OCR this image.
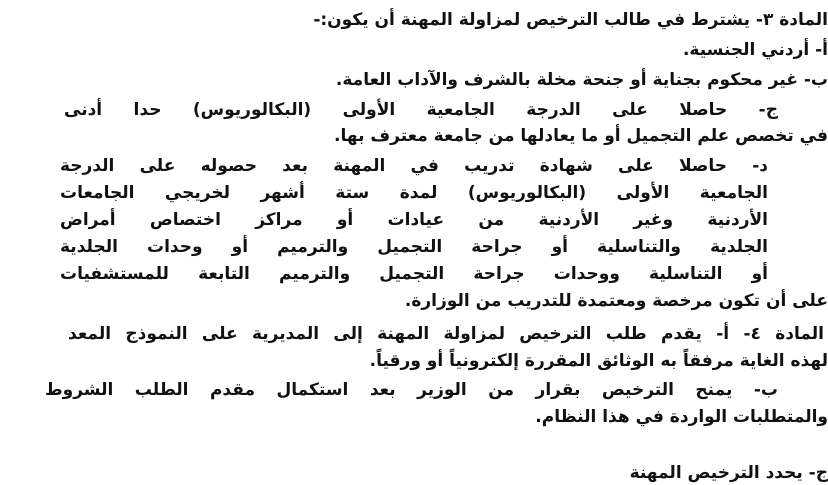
المادة ٣- يشترط في طالب الترخيص لمزاولة المهنة أن يكون:-
أ- أردني الجنسية.
ب- غير محكوم بجناية أو جنحة مخلة بالشرف والآداب العامة.
ج- حاصلا على الدرجة الجامعية الأولى (البكالوريوس) حدا أدنى
في تخصص علم التجميل أو ما يعادلها من جامعة معترف بها.
د- حاصلا على شهادة تدريب في المهنة بعد حصوله على الدرجة
الجامعية الأولى (البكالوريوس) لمدة ستة أشهر لخريجي الجامعات
الأردنية وغير الأردنية من عيادات أو مراكز اختصاص أمراض
الجلدية والتناسلية أو جراحة التجميل والترميم أو وحدات الجلدية
أو التناسلية ووحدات جراحة التجميل والترميم التابعة للمستشفيات
على أن تكون مرخصة ومعتمدة للتدريب من الوزارة.
المادة ٤- أ- يقدم طلب الترخيص لمزاولة المهنة إلى المديرية على النموذج المعد
لهذه الغاية مرفقاً به الوثائق المقررة إلكترونياً أو ورقياً.
ب- يمنح الترخيص بقرار من الوزير بعد استكمال مقدم الطلب الشروط
والمتطلبات الواردة في هذا النظام.
ج- يحدد الترخيص المهنة
